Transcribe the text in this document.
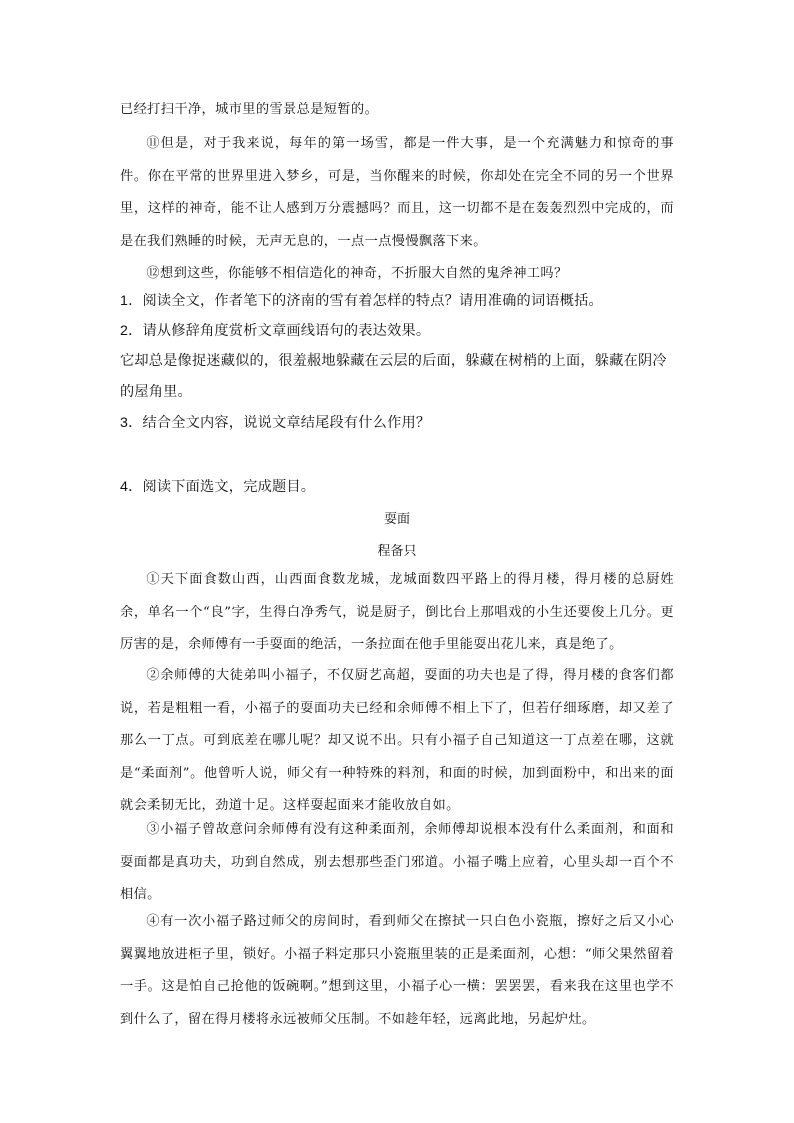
已经打扫干净，城市里的雪景总是短暂的。

⑪但是，对于我来说，每年的第一场雪，都是一件大事，是一个充满魅力和惊奇的事件。你在平常的世界里进入梦乡，可是，当你醒来的时候，你却处在完全不同的另一个世界里，这样的神奇，能不让人感到万分震撼吗？而且，这一切都不是在轰轰烈烈中完成的，而是在我们熟睡的时候，无声无息的，一点一点慢慢飘落下来。

⑫想到这些，你能够不相信造化的神奇，不折服大自然的鬼斧神工吗？

1．阅读全文，作者笔下的济南的雪有着怎样的特点？请用准确的词语概括。

2．请从修辞角度赏析文章画线语句的表达效果。

它却总是像捉迷藏似的，很羞赧地躲藏在云层的后面，躲藏在树梢的上面，躲藏在阴冷的屋角里。

3．结合全文内容，说说文章结尾段有什么作用？

4．阅读下面选文，完成题目。

耍面

程备只

①天下面食数山西，山西面食数龙城，龙城面数四平路上的得月楼，得月楼的总厨姓余，单名一个“良”字，生得白净秀气，说是厨子，倒比台上那唱戏的小生还要俊上几分。更厉害的是，余师傅有一手耍面的绝活，一条拉面在他手里能耍出花儿来，真是绝了。

②余师傅的大徒弟叫小福子，不仅厨艺高超，耍面的功夫也是了得，得月楼的食客们都说，若是粗粗一看，小福子的耍面功夫已经和余师傅不相上下了，但若仔细琢磨，却又差了那么一丁点。可到底差在哪儿呢？却又说不出。只有小福子自己知道这一丁点差在哪，这就是“柔面剂”。他曾听人说，师父有一种特殊的料剂，和面的时候，加到面粉中，和出来的面就会柔韧无比，劲道十足。这样耍起面来才能收放自如。

③小福子曾故意问余师傅有没有这种柔面剂，余师傅却说根本没有什么柔面剂，和面和耍面都是真功夫，功到自然成，别去想那些歪门邪道。小福子嘴上应着，心里头却一百个不相信。

④有一次小福子路过师父的房间时，看到师父在擦拭一只白色小瓷瓶，擦好之后又小心翼翼地放进柜子里，锁好。小福子料定那只小瓷瓶里装的正是柔面剂，心想：“师父果然留着一手。这是怕自己抢他的饭碗啊。”想到这里，小福子心一横：罢罢罢，看来我在这里也学不到什么了，留在得月楼将永远被师父压制。不如趁年轻，远离此地，另起炉灶。
